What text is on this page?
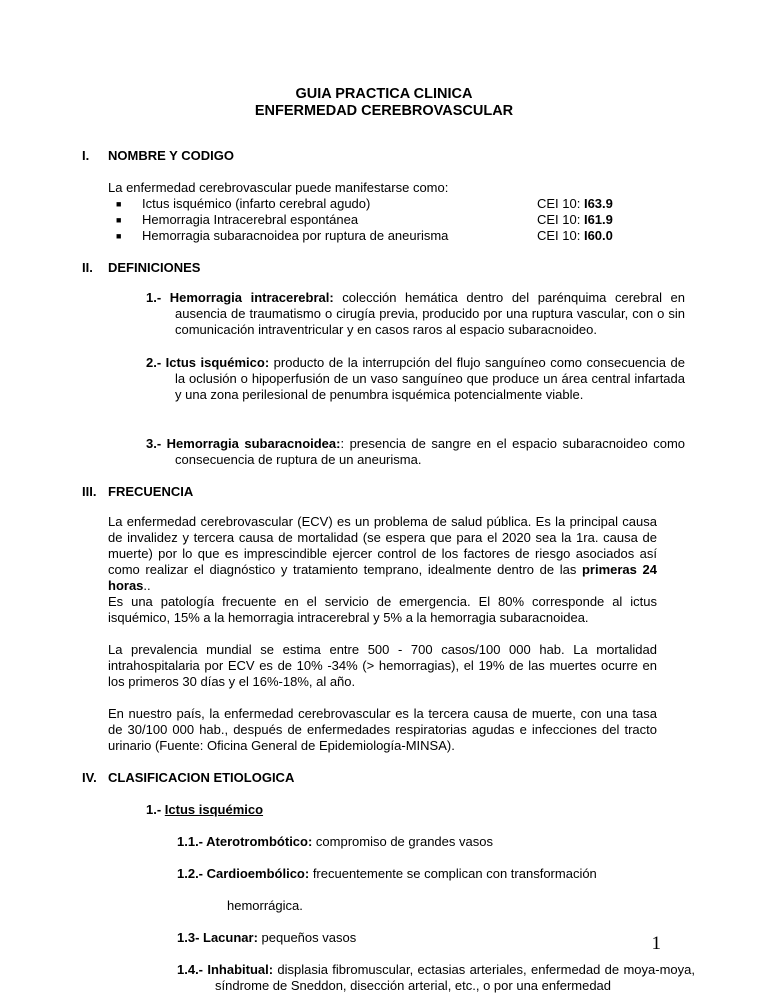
GUIA PRACTICA CLINICA
ENFERMEDAD CEREBROVASCULAR
I. NOMBRE Y CODIGO
La enfermedad cerebrovascular puede manifestarse como:
■ Ictus isquémico (infarto cerebral agudo)	CEI 10: I63.9
■ Hemorragia Intracerebral espontánea	CEI 10: I61.9
■ Hemorragia subaracnoidea por ruptura de aneurisma	CEI 10: I60.0
II. DEFINICIONES
1.- Hemorragia intracerebral: colección hemática dentro del parénquima cerebral en ausencia de traumatismo o cirugía previa, producido por una ruptura vascular, con o sin comunicación intraventricular y en casos raros al espacio subaracnoideo.
2.- Ictus isquémico: producto de la interrupción del flujo sanguíneo como consecuencia de la oclusión o hipoperfusión de un vaso sanguíneo que produce un área central infartada y una zona perilesional de penumbra isquémica potencialmente viable.
3.- Hemorragia subaracnoidea:: presencia de sangre en el espacio subaracnoideo como consecuencia de ruptura de un aneurisma.
III. FRECUENCIA
La enfermedad cerebrovascular (ECV) es un problema de salud pública. Es la principal causa de invalidez y tercera causa de mortalidad (se espera que para el 2020 sea la 1ra. causa de muerte) por lo que es imprescindible ejercer control de los factores de riesgo asociados así como realizar el diagnóstico y tratamiento temprano, idealmente dentro de las primeras 24 horas..
Es una patología frecuente en el servicio de emergencia. El 80% corresponde al ictus isquémico, 15% a la hemorragia intracerebral y 5% a la hemorragia subaracnoidea.
La prevalencia mundial se estima entre 500 - 700 casos/100 000 hab. La mortalidad intrahospitalaria por ECV es de 10% -34% (> hemorragias), el 19% de las muertes ocurre en los primeros 30 días y el 16%-18%, al año.
En nuestro país, la enfermedad cerebrovascular es la tercera causa de muerte, con una tasa de 30/100 000 hab., después de enfermedades respiratorias agudas e infecciones del tracto urinario (Fuente: Oficina General de Epidemiología-MINSA).
IV. CLASIFICACION ETIOLOGICA
1.- Ictus isquémico
1.1.- Aterotrombótico: compromiso de grandes vasos
1.2.- Cardioembólico: frecuentemente se complican con transformación
hemorrágica.
1.3- Lacunar: pequeños vasos
1.4.- Inhabitual: displasia fibromuscular, ectasias arteriales, enfermedad de moya-moya, síndrome de Sneddon, disección arterial, etc., o por una enfermedad
1
